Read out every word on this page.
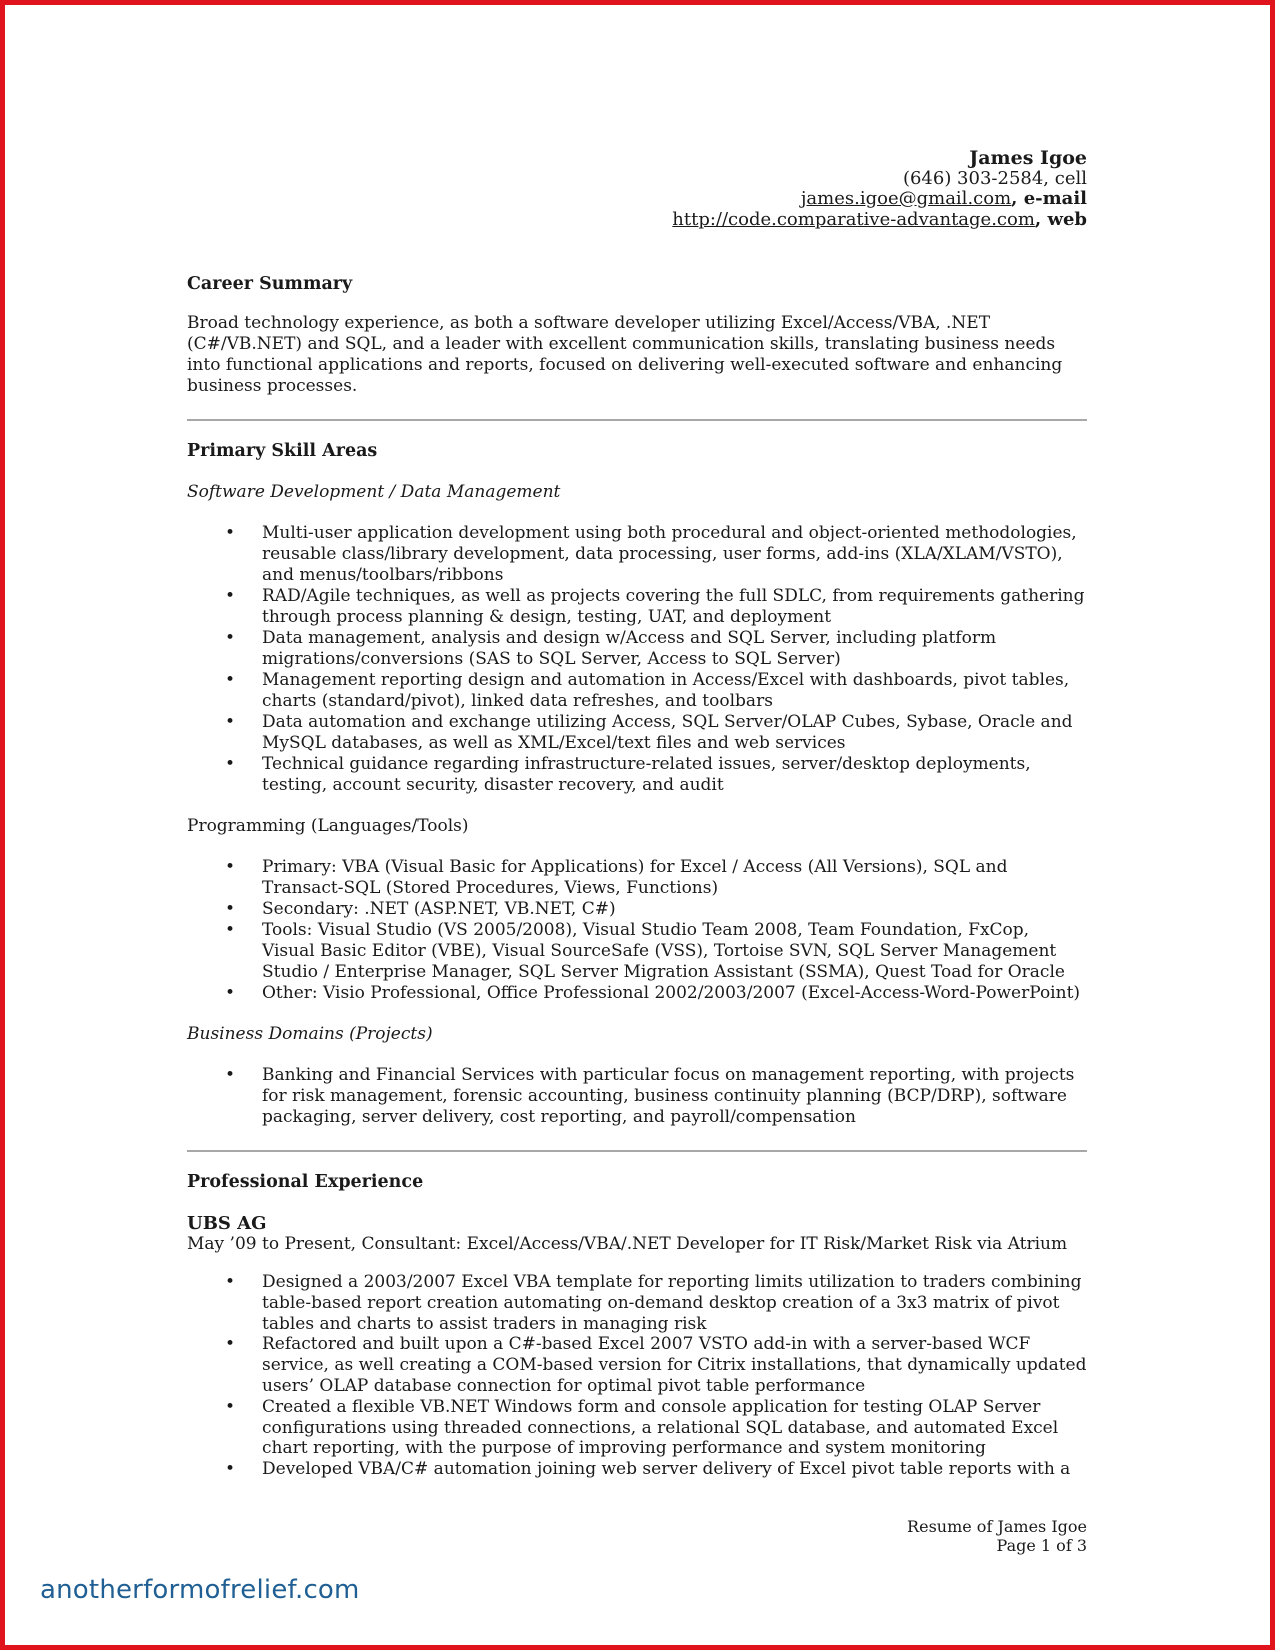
James Igoe
(646) 303-2584, cell
james.igoe@gmail.com, e-mail
http://code.comparative-advantage.com, web
Career Summary
Broad technology experience, as both a software developer utilizing Excel/Access/VBA, .NET (C#/VB.NET) and SQL, and a leader with excellent communication skills, translating business needs into functional applications and reports, focused on delivering well-executed software and enhancing business processes.
Primary Skill Areas
Software Development / Data Management
• Multi-user application development using both procedural and object-oriented methodologies, reusable class/library development, data processing, user forms, add-ins (XLA/XLAM/VSTO), and menus/toolbars/ribbons
• RAD/Agile techniques, as well as projects covering the full SDLC, from requirements gathering through process planning & design, testing, UAT, and deployment
• Data management, analysis and design w/Access and SQL Server, including platform migrations/conversions (SAS to SQL Server, Access to SQL Server)
• Management reporting design and automation in Access/Excel with dashboards, pivot tables, charts (standard/pivot), linked data refreshes, and toolbars
• Data automation and exchange utilizing Access, SQL Server/OLAP Cubes, Sybase, Oracle and MySQL databases, as well as XML/Excel/text files and web services
• Technical guidance regarding infrastructure-related issues, server/desktop deployments, testing, account security, disaster recovery, and audit
Programming (Languages/Tools)
• Primary: VBA (Visual Basic for Applications) for Excel / Access (All Versions), SQL and Transact-SQL (Stored Procedures, Views, Functions)
• Secondary: .NET (ASP.NET, VB.NET, C#)
• Tools: Visual Studio (VS 2005/2008), Visual Studio Team 2008, Team Foundation, FxCop, Visual Basic Editor (VBE), Visual SourceSafe (VSS), Tortoise SVN, SQL Server Management Studio / Enterprise Manager, SQL Server Migration Assistant (SSMA), Quest Toad for Oracle
• Other: Visio Professional, Office Professional 2002/2003/2007 (Excel-Access-Word-PowerPoint)
Business Domains (Projects)
• Banking and Financial Services with particular focus on management reporting, with projects for risk management, forensic accounting, business continuity planning (BCP/DRP), software packaging, server delivery, cost reporting, and payroll/compensation
Professional Experience
UBS AG
May ’09 to Present, Consultant: Excel/Access/VBA/.NET Developer for IT Risk/Market Risk via Atrium
• Designed a 2003/2007 Excel VBA template for reporting limits utilization to traders combining table-based report creation automating on-demand desktop creation of a 3x3 matrix of pivot tables and charts to assist traders in managing risk
• Refactored and built upon a C#-based Excel 2007 VSTO add-in with a server-based WCF service, as well creating a COM-based version for Citrix installations, that dynamically updated users’ OLAP database connection for optimal pivot table performance
• Created a flexible VB.NET Windows form and console application for testing OLAP Server configurations using threaded connections, a relational SQL database, and automated Excel chart reporting, with the purpose of improving performance and system monitoring
• Developed VBA/C# automation joining web server delivery of Excel pivot table reports with a
Resume of James Igoe
Page 1 of 3
anotherformofrelief.com
